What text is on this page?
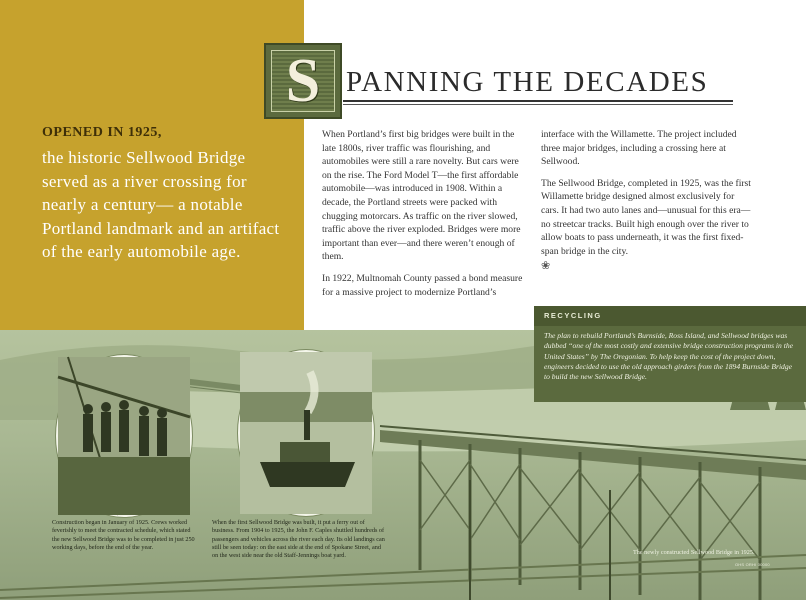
OPENED IN 1925,
the historic Sellwood Bridge served as a river crossing for nearly a century— a notable Portland landmark and an artifact of the early automobile age.
S PANNING THE DECADES

When Portland’s first big bridges were built in the late 1800s, river traffic was flourishing, and automobiles were still a rare novelty. But cars were on the rise. The Ford Model T—the first affordable automobile—was introduced in 1908. Within a decade, the Portland streets were packed with chugging motorcars. As traffic on the river slowed, traffic above the river exploded. Bridges were more important than ever—and there weren’t enough of them.

In 1922, Multnomah County passed a bond measure for a massive project to modernize Portland’s

interface with the Willamette. The project included three major bridges, including a crossing here at Sellwood.

The Sellwood Bridge, completed in 1925, was the first Willamette bridge designed almost exclusively for cars. It had two auto lanes and—unusual for this era—no streetcar tracks. Built high enough over the river to allow boats to pass underneath, it was the first fixed-span bridge in the city.

❀
RECYCLING
The plan to rebuild Portland’s Burnside, Ross Island, and Sellwood bridges was dubbed “one of the most costly and extensive bridge construction programs in the United States” by The Oregonian. To help keep the cost of the project down, engineers decided to use the old approach girders from the 1894 Burnside Bridge to build the new Sellwood Bridge.
Construction began in January of 1925. Crews worked feverishly to meet the contracted schedule, which stated the new Sellwood Bridge was to be completed in just 250 working days, before the end of the year.
When the first Sellwood Bridge was built, it put a ferry out of business. From 1904 to 1925, the John F. Caples shuttled hundreds of passengers and vehicles across the river each day. Its old landings can still be seen today: on the east side at the end of Spokane Street, and on the west side near the old Staff-Jennings boat yard.	The newly constructed Sellwood Bridge in 1925.
OHS ORHI 00000
